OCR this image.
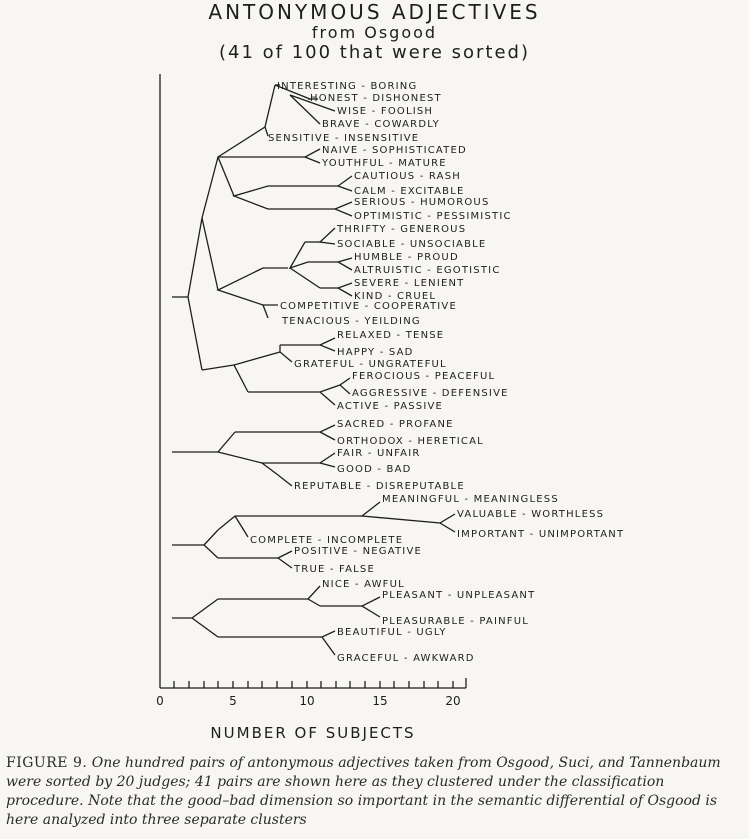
ANTONYMOUS ADJECTIVES
from Osgood
(41 of 100 that were sorted)
0	5	10	15	20
NUMBER OF SUBJECTS
INTERESTING - BORING
HONEST - DISHONEST
WISE - FOOLISH
BRAVE - COWARDLY
SENSITIVE - INSENSITIVE
NAIVE - SOPHISTICATED
YOUTHFUL - MATURE
CAUTIOUS - RASH
CALM - EXCITABLE
SERIOUS - HUMOROUS
OPTIMISTIC - PESSIMISTIC
THRIFTY - GENEROUS
SOCIABLE - UNSOCIABLE
HUMBLE - PROUD
ALTRUISTIC - EGOTISTIC
SEVERE - LENIENT
KIND - CRUEL
COMPETITIVE - COOPERATIVE
TENACIOUS - YEILDING
RELAXED - TENSE
HAPPY - SAD
GRATEFUL - UNGRATEFUL
FEROCIOUS - PEACEFUL
AGGRESSIVE - DEFENSIVE
ACTIVE - PASSIVE
SACRED - PROFANE
ORTHODOX - HERETICAL
FAIR - UNFAIR
GOOD - BAD
REPUTABLE - DISREPUTABLE
MEANINGFUL - MEANINGLESS
VALUABLE - WORTHLESS
IMPORTANT - UNIMPORTANT
COMPLETE - INCOMPLETE
POSITIVE - NEGATIVE
TRUE - FALSE
NICE - AWFUL
PLEASANT - UNPLEASANT
PLEASURABLE - PAINFUL
BEAUTIFUL - UGLY
GRACEFUL - AWKWARD
FIGURE 9. One hundred pairs of antonymous adjectives taken from Osgood, Suci, and Tannenbaum were sorted by 20 judges; 41 pairs are shown here as they clustered under the classification procedure. Note that the good–bad dimension so important in the semantic differential of Osgood is here analyzed into three separate clusters
